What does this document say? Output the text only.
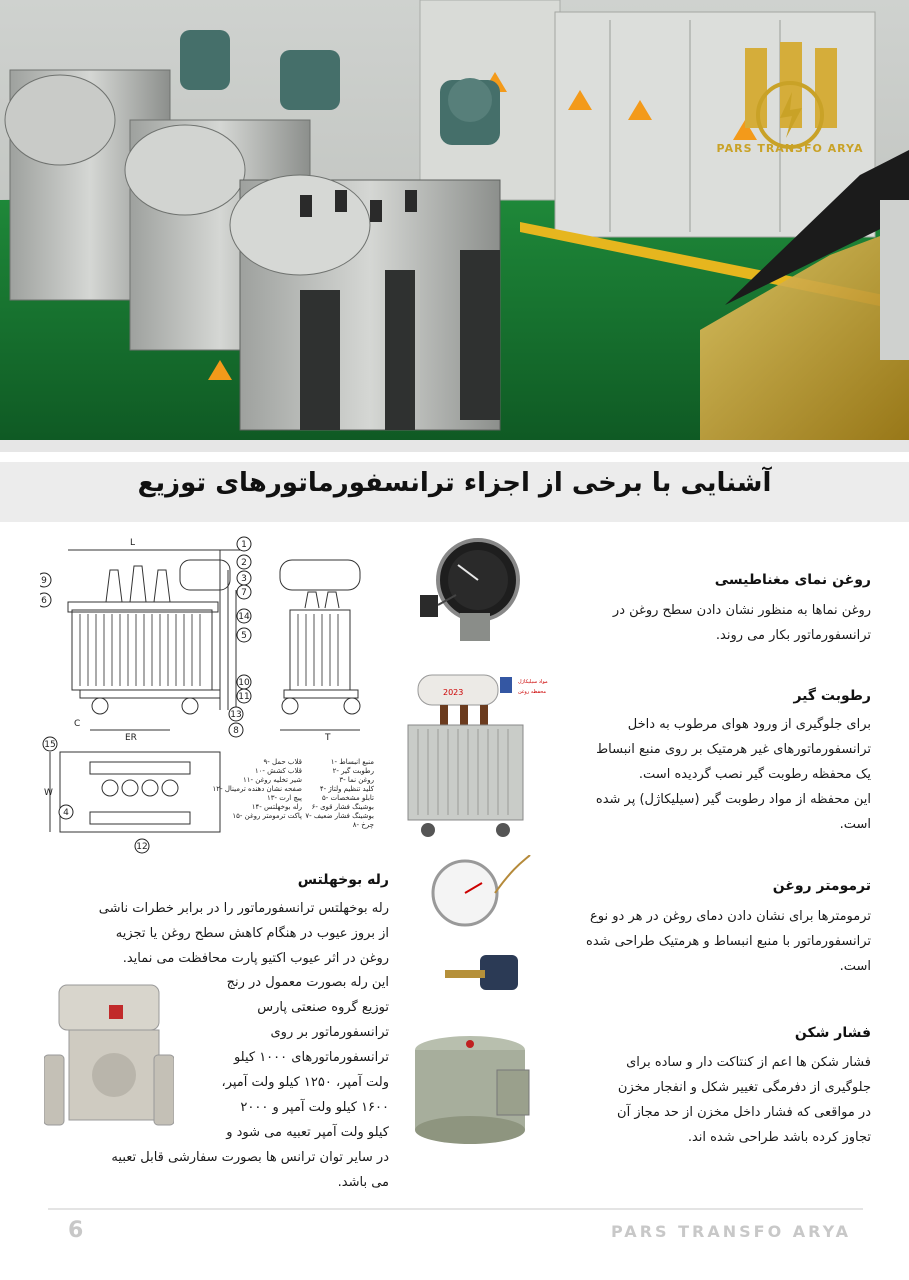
PARS TRANSFO ARYA
آشنایی با برخی از اجزاء ترانسفورماتورهای توزیع
1
2
3
4
5
6
7
8
9
10
11
12
13
14
15
L
ER	T
W
C
۱- منبع انبساط
۲- رطوبت گیر
۳- روغن نما
۴- کلید تنظیم ولتاژ
۵- تابلو مشخصات
۶- بوشینگ فشار قوی
۷- بوشینگ فشار ضعیف
۸- چرخ
۹- قلاب حمل
۱۰- قلاب کشش
۱۱- شیر تخلیه روغن
۱۲- صفحه نشان دهنده ترمینال
۱۳- پیچ ارت
۱۴- رله بوخهلتس
۱۵- پاکت ترمومتر روغن
2023
مواد سیلیکاژل
محفظه روغن
روغن نمای مغناطیسی
روغن نماها به منظور نشان دادن سطح روغن در
ترانسفورماتور بکار می روند.
رطوبت گیر
برای جلوگیری از ورود هوای مرطوب به داخل
ترانسفورماتورهای غیر هرمتیک بر روی منبع انبساط
یک محفظه رطوبت گیر نصب گردیده است.
این محفظه از مواد رطوبت گیر (سیلیکاژل) پر شده
است.
ترمومتر روغن
ترمومترها برای نشان دادن دمای روغن در هر دو نوع
ترانسفورماتور با منبع انبساط و هرمتیک طراحی شده
است.
فشار شکن
فشار شکن ها اعم از کنتاکت دار و ساده برای
جلوگیری از دفرمگی تغییر شکل و انفجار مخزن
در مواقعی که فشار داخل مخزن از حد مجاز آن
تجاوز کرده باشد طراحی شده اند.
رله بوخهلتس
رله بوخهلتس ترانسفورماتور را در برابر خطرات ناشی
از بروز عیوب در هنگام کاهش سطح روغن یا تجزیه
روغن در اثر عیوب اکتیو پارت محافظت می نماید.
این رله بصورت معمول در رنج
توزیع گروه صنعتی پارس
ترانسفورماتور بر روی
ترانسفورماتورهای ۱۰۰۰ کیلو
ولت آمپر، ۱۲۵۰ کیلو ولت آمپر،
۱۶۰۰ کیلو ولت آمپر و ۲۰۰۰
کیلو ولت آمپر تعبیه می شود و
در سایر توان ترانس ها بصورت سفارشی قابل تعبیه
می باشد.
6	PARS TRANSFO ARYA
